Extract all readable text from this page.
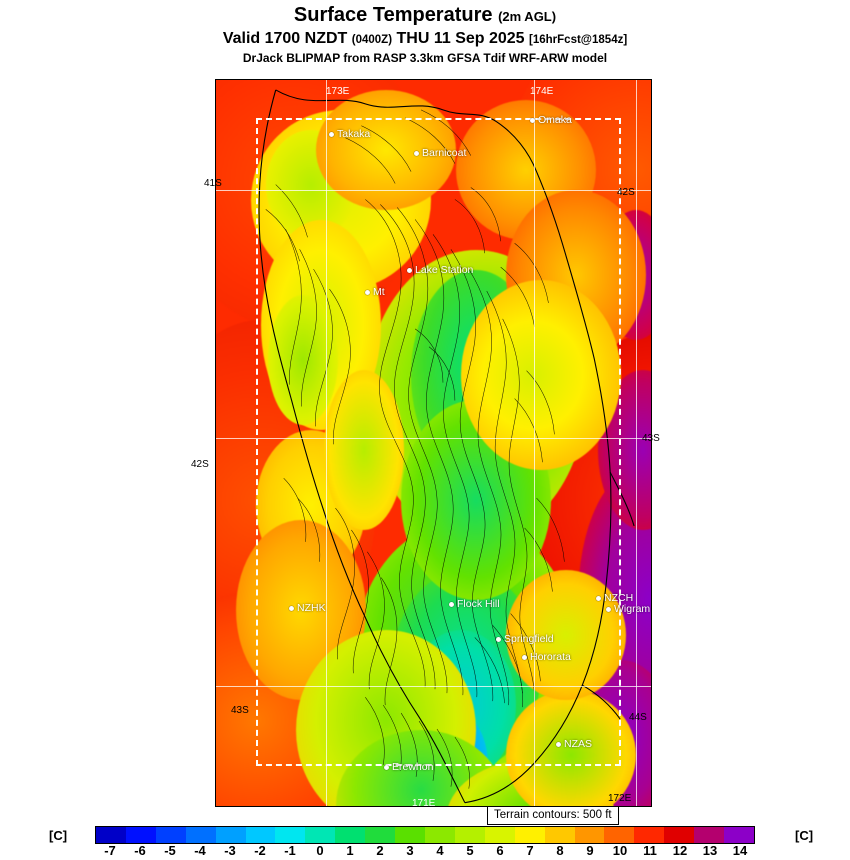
Surface Temperature (2m AGL)
Valid 1700 NZDT (0400Z) THU 11 Sep 2025 [16hrFcst@1854z]
DrJack BLIPMAP from RASP 3.3km GFSA Tdif WRF-ARW model
Takaka
Omaka
Barnicoat
Lake Station
Mt
NZHK	Flock Hill	NZCH
Wigram
Springfield
Hororata
NZAS
Erewhon
173E	174E
171E
41S
42S
42S
43S
43S
44S
172E
Terrain contours: 500 ft
[C]	[C]
-7 -6 -5 -4 -3 -2 -1 0 1 2 3 4 5 6 7 8 9 10 11 12 13 14
